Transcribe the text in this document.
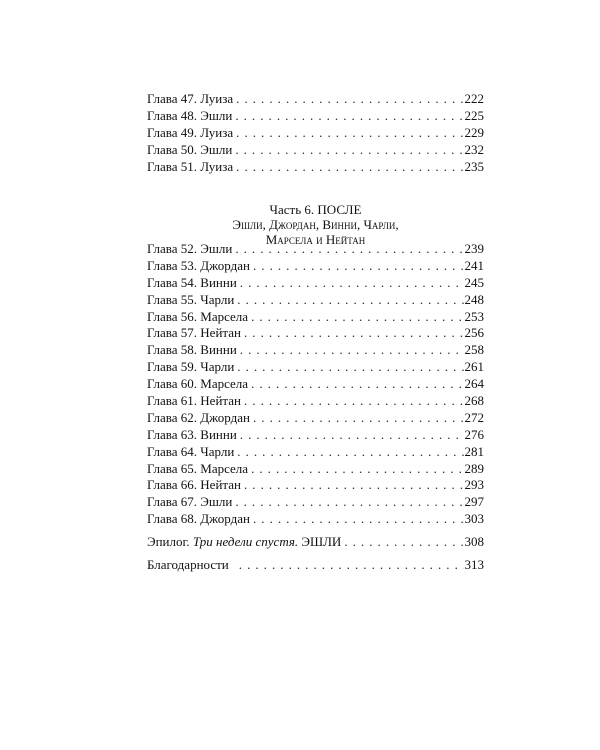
Глава 47. Луиза . . .	222
Глава 48. Эшли . . .	225
Глава 49. Луиза . . .	229
Глава 50. Эшли . . .	232
Глава 51. Луиза . . .	235
Часть 6. ПОСЛЕ
Эшли, Джордан, Винни, Чарли,
Марсела и Нейтан
Глава 52. Эшли . . .	239
Глава 53. Джордан . . .	241
Глава 54. Винни . . .	245
Глава 55. Чарли . . .	248
Глава 56. Марсела . . .	253
Глава 57. Нейтан . . .	256
Глава 58. Винни . . .	258
Глава 59. Чарли . . .	261
Глава 60. Марсела . . .	264
Глава 61. Нейтан . . .	268
Глава 62. Джордан . . .	272
Глава 63. Винни . . .	276
Глава 64. Чарли . . .	281
Глава 65. Марсела . . .	289
Глава 66. Нейтан . . .	293
Глава 67. Эшли . . .	297
Глава 68. Джордан . . .	303
Эпилог. Три недели спустя. ЭШЛИ . . .	308
Благодарности . . .	313
